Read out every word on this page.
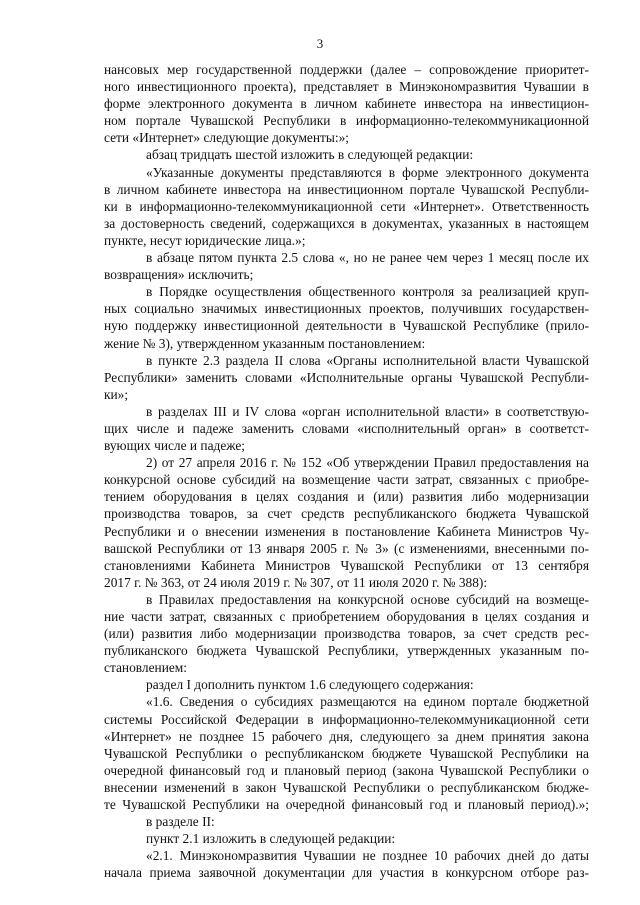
3
нансовых мер государственной поддержки (далее – сопровождение приоритет-
ного инвестиционного проекта), представляет в Минэкономразвития Чувашии в
форме электронного документа в личном кабинете инвестора на инвестицион-
ном портале Чувашской Республики в информационно-телекоммуникационной
сети «Интернет» следующие документы:»;
абзац тридцать шестой изложить в следующей редакции:
«Указанные документы представляются в форме электронного документа
в личном кабинете инвестора на инвестиционном портале Чувашской Республи-
ки в информационно-телекоммуникационной сети «Интернет». Ответственность
за достоверность сведений, содержащихся в документах, указанных в настоящем
пункте, несут юридические лица.»;
в абзаце пятом пункта 2.5 слова «, но не ранее чем через 1 месяц после их
возвращения» исключить;
в Порядке осуществления общественного контроля за реализацией круп-
ных социально значимых инвестиционных проектов, получивших государствен-
ную поддержку инвестиционной деятельности в Чувашской Республике (прило-
жение № 3), утвержденном указанным постановлением:
в пункте 2.3 раздела II слова «Органы исполнительной власти Чувашской
Республики» заменить словами «Исполнительные органы Чувашской Республи-
ки»;
в разделах III и IV слова «орган исполнительной власти» в соответствую-
щих числе и падеже заменить словами «исполнительный орган» в соответст-
вующих числе и падеже;
2) от 27 апреля 2016 г. № 152 «Об утверждении Правил предоставления на
конкурсной основе субсидий на возмещение части затрат, связанных с приобре-
тением оборудования в целях создания и (или) развития либо модернизации
производства товаров, за счет средств республиканского бюджета Чувашской
Республики и о внесении изменения в постановление Кабинета Министров Чу-
вашской Республики от 13 января 2005 г. № 3» (с изменениями, внесенными по-
становлениями Кабинета Министров Чувашской Республики от 13 сентября
2017 г. № 363, от 24 июля 2019 г. № 307, от 11 июля 2020 г. № 388):
в Правилах предоставления на конкурсной основе субсидий на возмеще-
ние части затрат, связанных с приобретением оборудования в целях создания и
(или) развития либо модернизации производства товаров, за счет средств рес-
публиканского бюджета Чувашской Республики, утвержденных указанным по-
становлением:
раздел I дополнить пунктом 1.6 следующего содержания:
«1.6. Сведения о субсидиях размещаются на едином портале бюджетной
системы Российской Федерации в информационно-телекоммуникационной сети
«Интернет» не позднее 15 рабочего дня, следующего за днем принятия закона
Чувашской Республики о республиканском бюджете Чувашской Республики на
очередной финансовый год и плановый период (закона Чувашской Республики о
внесении изменений в закон Чувашской Республики о республиканском бюдже-
те Чувашской Республики на очередной финансовый год и плановый период).»;
в разделе II:
пункт 2.1 изложить в следующей редакции:
«2.1. Минэкономразвития Чувашии не позднее 10 рабочих дней до даты
начала приема заявочной документации для участия в конкурсном отборе раз-
